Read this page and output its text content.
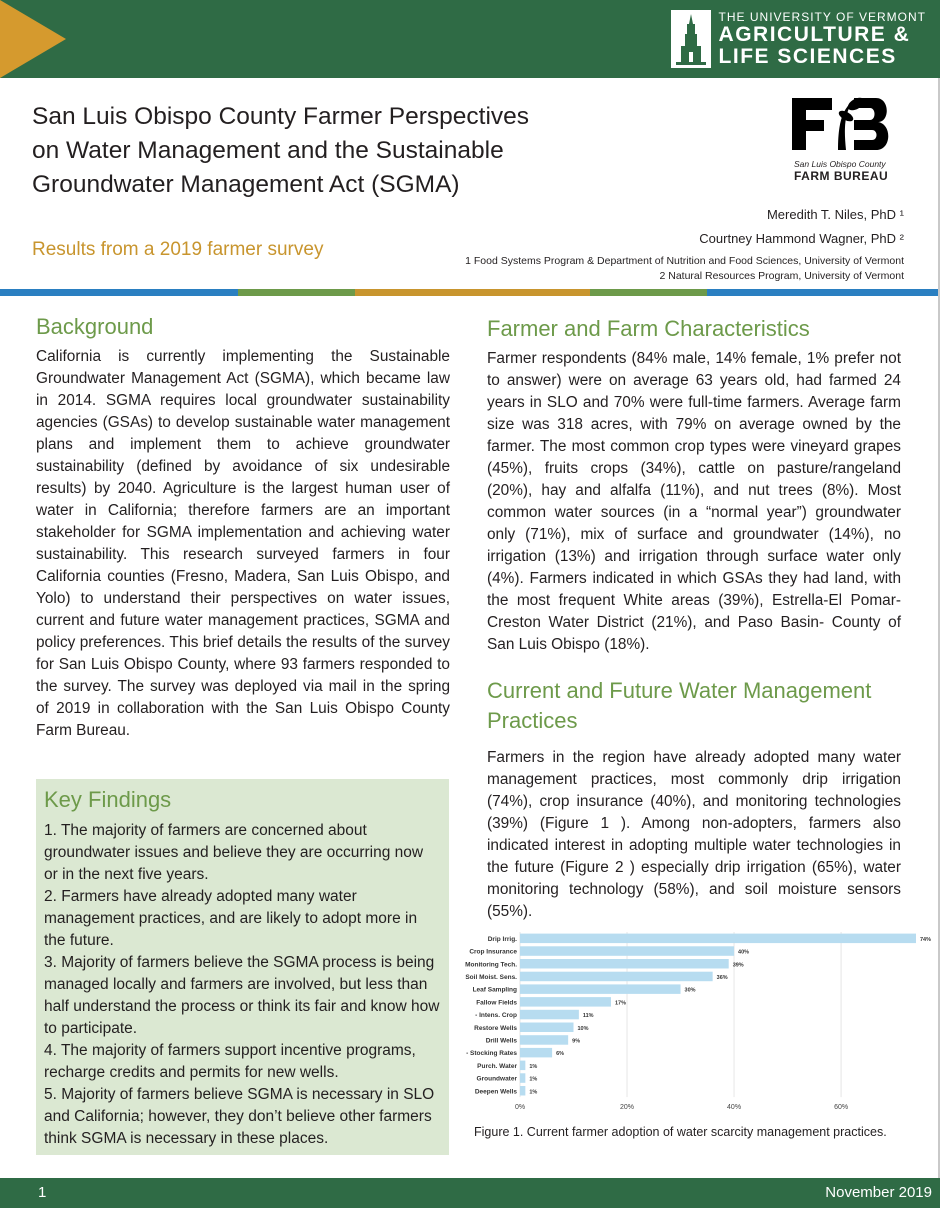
THE UNIVERSITY OF VERMONT
AGRICULTURE &
LIFE SCIENCES
San Luis Obispo County Farmer Perspectives
on Water Management and the Sustainable
Groundwater Management Act (SGMA)
Results from a 2019 farmer survey
San Luis Obispo County
FARM BUREAU
Meredith T. Niles, PhD ¹
Courtney Hammond Wagner, PhD ²
1 Food Systems Program & Department of Nutrition and Food Sciences, University of Vermont
2 Natural Resources Program, University of Vermont
Background

California is currently implementing the Sustainable Groundwater Management Act (SGMA), which became law in 2014. SGMA requires local groundwater sustainability agencies (GSAs) to develop sustainable water management plans and implement them to achieve groundwater sustainability (defined by avoidance of six undesirable results) by 2040. Agriculture is the largest human user of water in California; therefore farmers are an important stakeholder for SGMA implementation and achieving water sustainability. This research surveyed farmers in four California counties (Fresno, Madera, San Luis Obispo, and Yolo) to understand their perspectives on water issues, current and future water management practices, SGMA and policy preferences. This brief details the results of the survey for San Luis Obispo County, where 93 farmers responded to the survey. The survey was deployed via mail in the spring of 2019 in collaboration with the San Luis Obispo County Farm Bureau.

Key Findings
1. The majority of farmers are concerned about groundwater issues and believe they are occurring now or in the next five years.
2. Farmers have already adopted many water management practices, and are likely to adopt more in the future.
3. Majority of farmers believe the SGMA process is being managed locally and farmers are involved, but less than half understand the process or think its fair and know how to participate.
4. The majority of farmers support incentive programs, recharge credits and permits for new wells.
5. Majority of farmers believe SGMA is necessary in SLO and California; however, they don’t believe other farmers think SGMA is necessary in these places.
Farmer and Farm Characteristics

Farmer respondents (84% male, 14% female, 1% prefer not to answer) were on average 63 years old, had farmed 24 years in SLO and 70% were full-time farmers. Average farm size was 318 acres, with 79% on average owned by the farmer. The most common crop types were vineyard grapes (45%), fruits crops (34%), cattle on pasture/rangeland (20%), hay and alfalfa (11%), and nut trees (8%). Most common water sources (in a “normal year”) groundwater only (71%), mix of surface and groundwater (14%), no irrigation (13%) and irrigation through surface water only (4%). Farmers indicated in which GSAs they had land, with the most frequent White areas (39%), Estrella-El Pomar-Creston Water District (21%), and Paso Basin- County of San Luis Obispo (18%).

Current and Future Water Management Practices

Farmers in the region have already adopted many water management practices, most commonly drip irrigation (74%), crop insurance (40%), and monitoring technologies (39%) (Figure 1 ). Among non-adopters, farmers also indicated interest in adopting multiple water technologies in the future (Figure 2 ) especially drip irrigation (65%), water monitoring technology (58%), and soil moisture sensors (55%).

0%	20%	40%	60%
Drip Irrig.	74%
Crop Insurance	40%
Monitoring Tech.	39%
Soil Moist. Sens.	36%
Leaf Sampling	30%
Fallow Fields	17%
- Intens. Crop	11%
Restore Wells	10%
Drill Wells	9%
- Stocking Rates	6%
Purch. Water 1%
Groundwater 1%
Deepen Wells 1%
Figure 1. Current farmer adoption of water scarcity management practices.
1	November 2019
